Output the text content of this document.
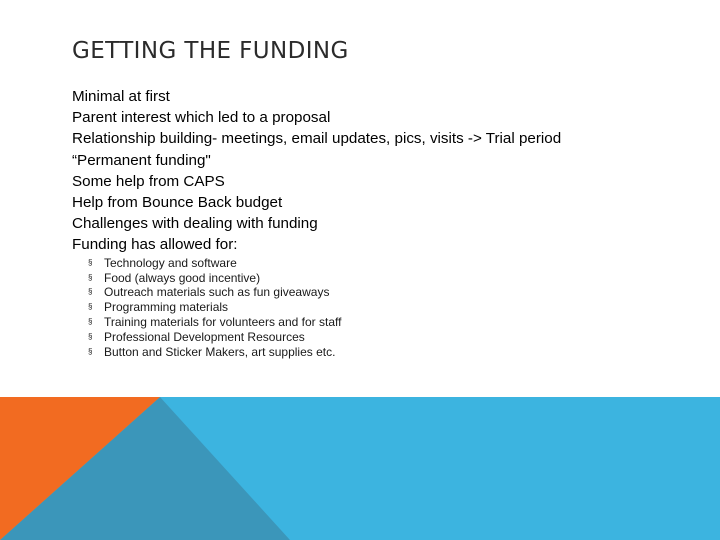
GETTING THE FUNDING
Minimal at first
Parent interest which led to a proposal
Relationship building- meetings, email updates, pics, visits -> Trial period
“Permanent funding"
Some help from CAPS
Help from Bounce Back budget
Challenges with dealing with funding
Funding has allowed for:
§ Technology and software
§ Food (always good incentive)
§ Outreach materials such as fun giveaways
§ Programming materials
§ Training materials for volunteers and for staff
§ Professional Development Resources
§ Button and Sticker Makers, art supplies etc.
